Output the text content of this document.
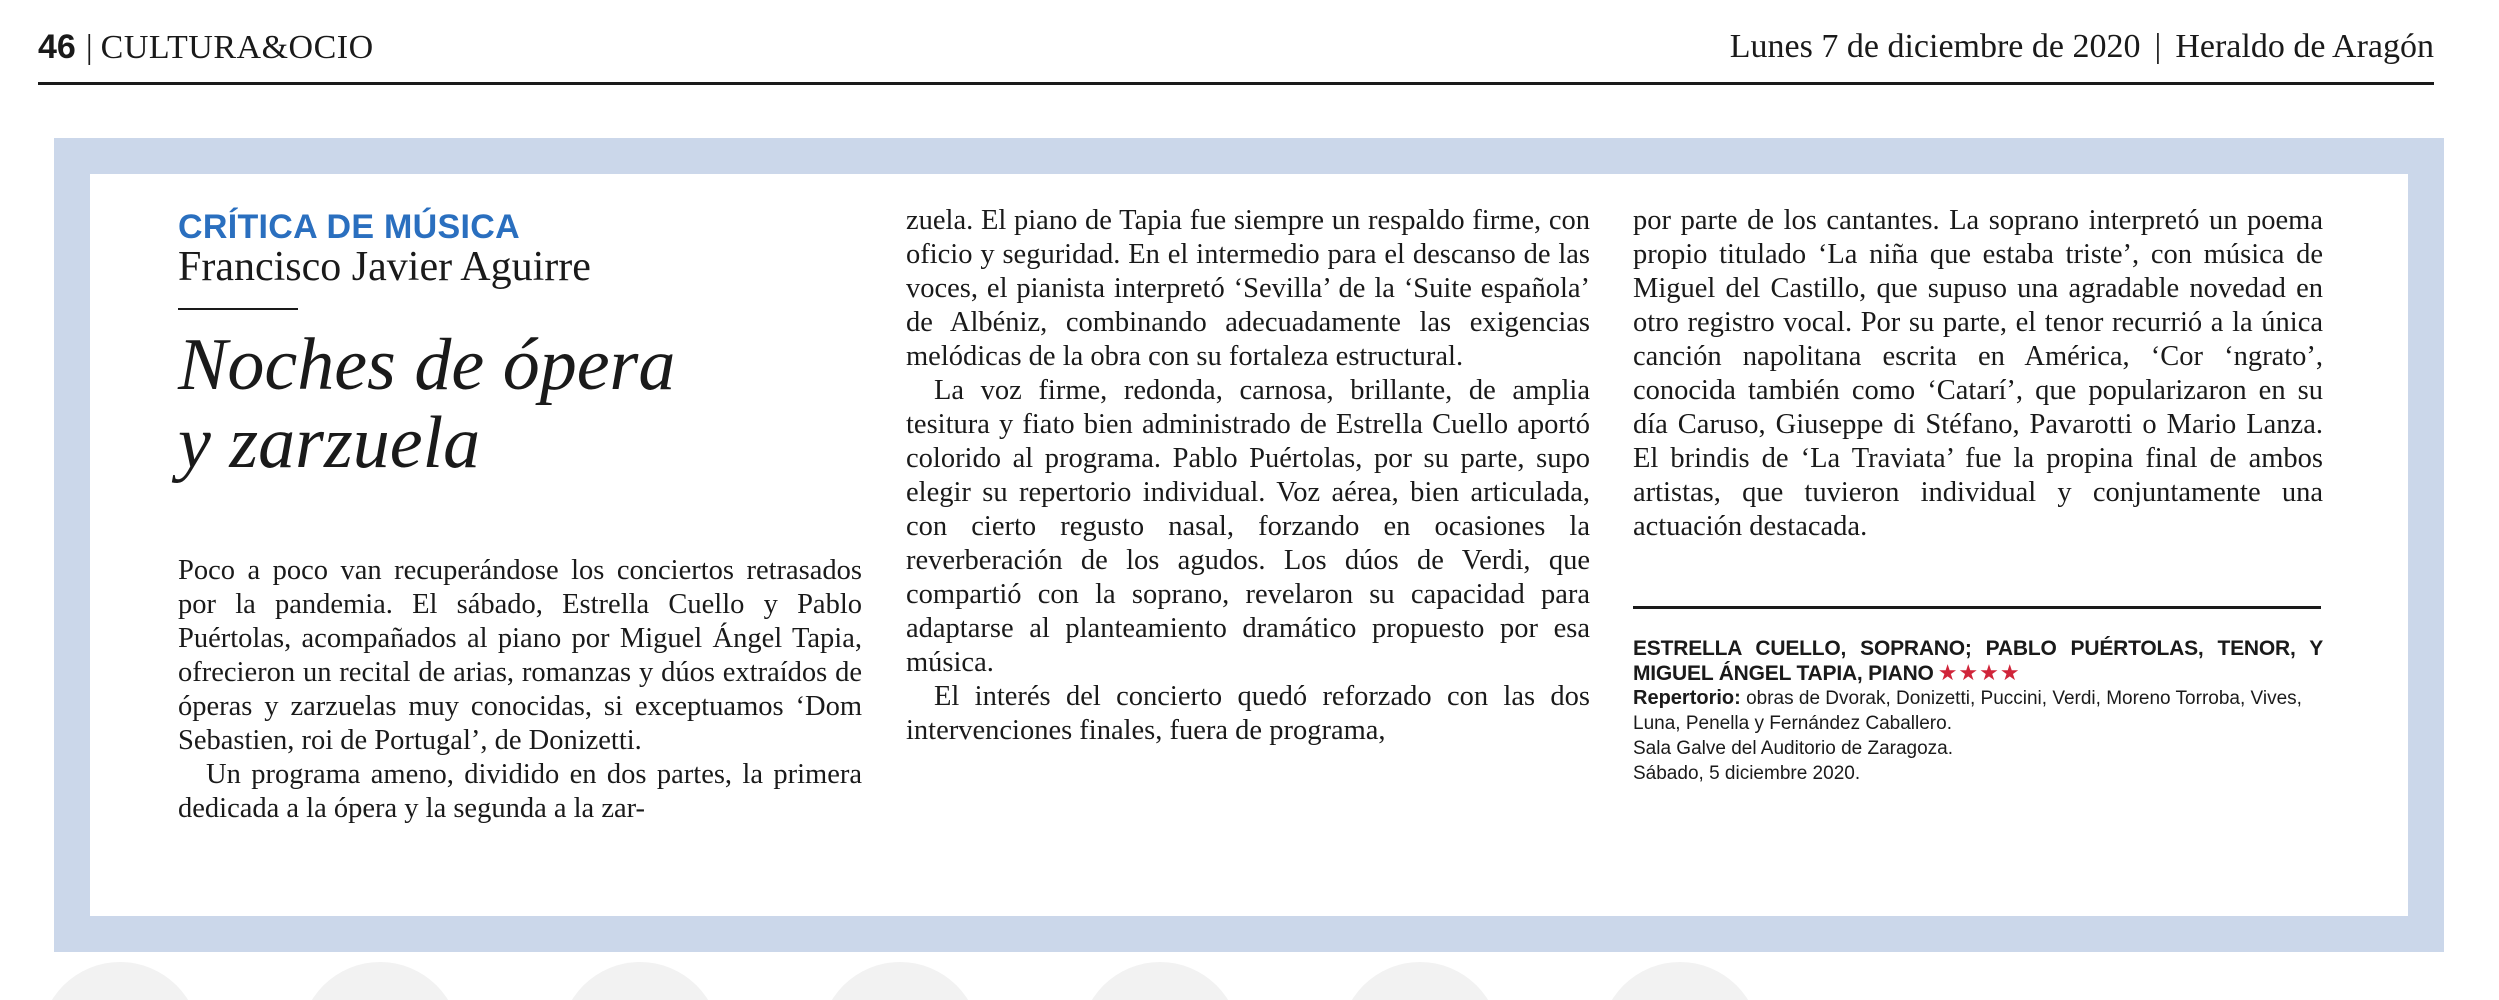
46 | CULTURA&OCIO	Lunes 7 de diciembre de 2020 | Heraldo de Aragón
CRÍTICA DE MÚSICA
Francisco Javier Aguirre
Noches de ópera
y zarzuela

Poco a poco van recuperándose los conciertos retrasados por la pandemia. El sábado, Estrella Cuello y Pablo Puértolas, acompañados al piano por Miguel Ángel Tapia, ofrecieron un recital de arias, romanzas y dúos extraídos de óperas y zarzuelas muy conocidas, si exceptuamos ‘Dom Sebastien, roi de Portugal’, de Donizetti.

Un programa ameno, dividido en dos partes, la primera dedicada a la ópera y la segunda a la zar-

zuela. El piano de Tapia fue siempre un respaldo firme, con oficio y seguridad. En el intermedio para el descanso de las voces, el pianista interpretó ‘Sevilla’ de la ‘Suite española’ de Albéniz, combinando adecuadamente las exigencias melódicas de la obra con su fortaleza estructural.

La voz firme, redonda, carnosa, brillante, de amplia tesitura y fiato bien administrado de Estrella Cuello aportó colorido al programa. Pablo Puértolas, por su parte, supo elegir su repertorio individual. Voz aérea, bien articulada, con cierto regusto nasal, forzando en ocasiones la reverberación de los agudos. Los dúos de Verdi, que compartió con la soprano, revelaron su capacidad para adaptarse al planteamiento dramático propuesto por esa música.

El interés del concierto quedó reforzado con las dos intervenciones finales, fuera de programa,

por parte de los cantantes. La soprano interpretó un poema propio titulado ‘La niña que estaba triste’, con música de Miguel del Castillo, que supuso una agradable novedad en otro registro vocal. Por su parte, el tenor recurrió a la única canción napolitana escrita en América, ‘Cor ‘ngrato’, conocida también como ‘Catarí’, que popularizaron en su día Caruso, Giuseppe di Stéfano, Pavarotti o Mario Lanza. El brindis de ‘La Traviata’ fue la propina final de ambos artistas, que tuvieron individual y conjuntamente una actuación destacada.

ESTRELLA CUELLO, SOPRANO; PABLO PUÉRTOLAS, TENOR, Y MIGUEL ÁNGEL TAPIA, PIANO ★★★★
Repertorio: obras de Dvorak, Donizetti, Puccini, Verdi, Moreno Torroba, Vives, Luna, Penella y Fernández Caballero.
Sala Galve del Auditorio de Zaragoza.
Sábado, 5 diciembre 2020.
